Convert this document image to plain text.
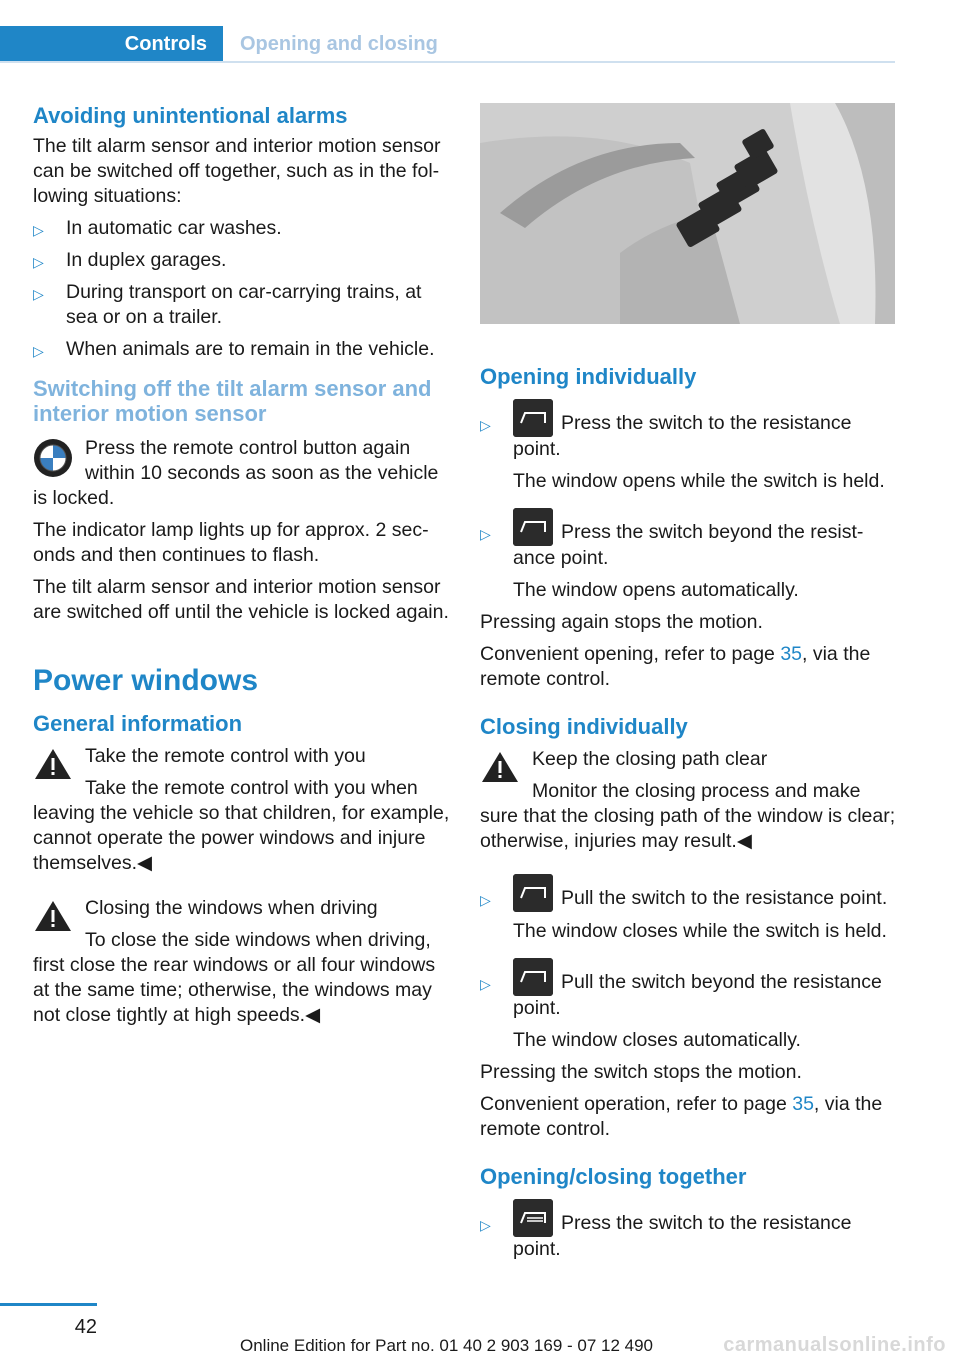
Controls	Opening and closing
Avoiding unintentional alarms

The tilt alarm sensor and interior motion sensor can be switched off together, such as in the fol-lowing situations:

▷ In automatic car washes.
▷ In duplex garages.
▷ During transport on car-carrying trains, at sea or on a trailer.
▷ When animals are to remain in the vehicle.
Switching off the tilt alarm sensor and interior motion sensor

Press the remote control button again within 10 seconds as soon as the vehicle is locked.

The indicator lamp lights up for approx. 2 sec-onds and then continues to flash.

The tilt alarm sensor and interior motion sensor are switched off until the vehicle is locked again.

Power windows
General information

Take the remote control with you

Take the remote control with you when leaving the vehicle so that children, for example, cannot operate the power windows and injure themselves.◀

Closing the windows when driving

To close the side windows when driving, first close the rear windows or all four windows at the same time; otherwise, the windows may not close tightly at high speeds.◀

Opening individually
▷	Press the switch to the resistance point.
The window opens while the switch is held.
▷	Press the switch beyond the resist-ance point.
The window opens automatically.

Pressing again stops the motion.

Convenient opening, refer to page 35, via the remote control.

Closing individually

Keep the closing path clear

Monitor the closing process and make sure that the closing path of the window is clear; otherwise, injuries may result.◀

▷	Pull the switch to the resistance point.
The window closes while the switch is held.
▷	Pull the switch beyond the resistance point.
The window closes automatically.

Pressing the switch stops the motion.

Convenient operation, refer to page 35, via the remote control.

Opening/closing together
▷	Press the switch to the resistance point.
42
Online Edition for Part no. 01 40 2 903 169 - 07 12 490	carmanualsonline.info
